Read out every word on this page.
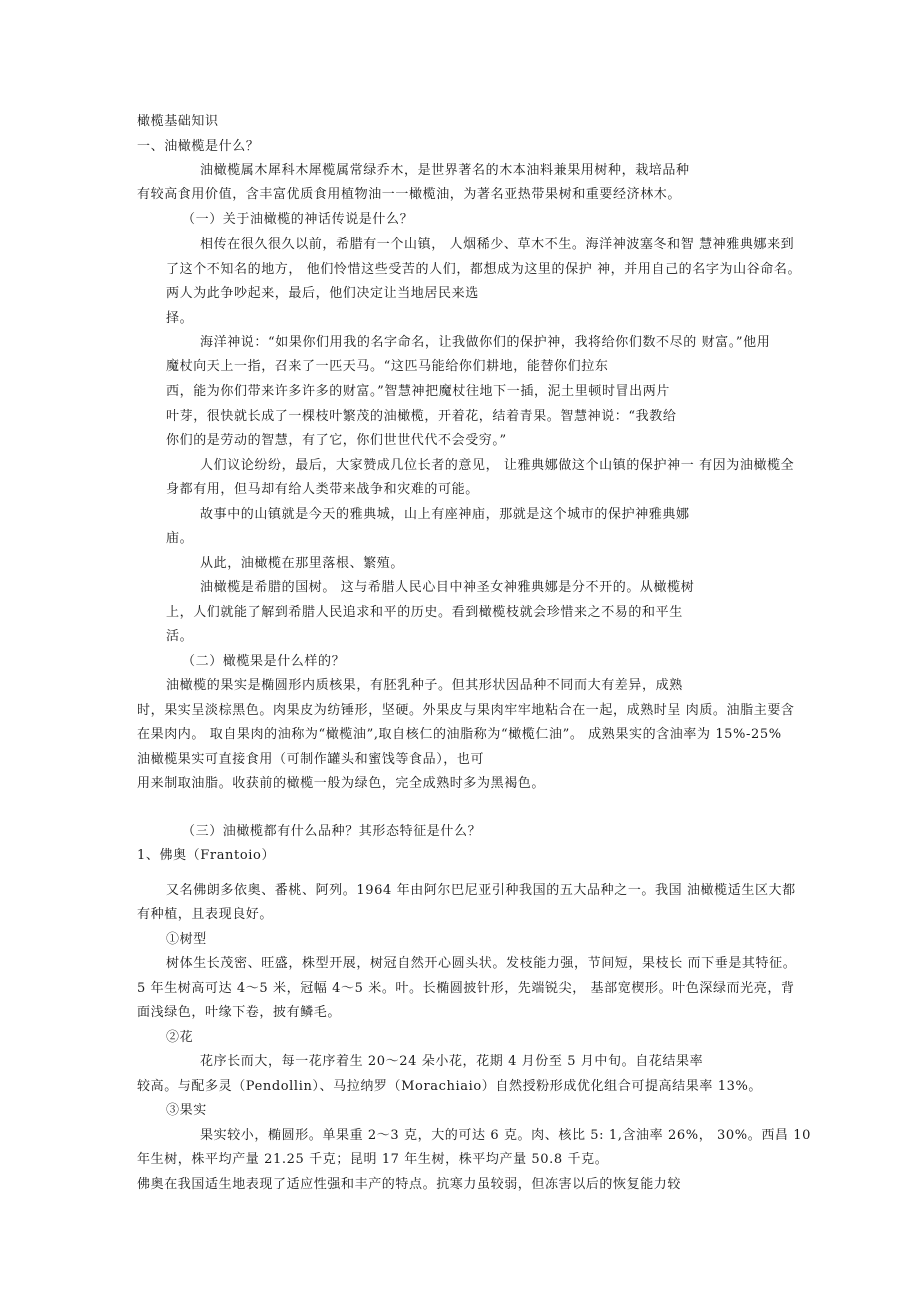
橄榄基础知识
一、油橄榄是什么？
油橄榄属木犀科木犀榄属常绿乔木，是世界著名的木本油料兼果用树种，栽培品种
有较高食用价值，含丰富优质食用植物油一一橄榄油，为著名亚热带果树和重要经济林木。
（一）关于油橄榄的神话传说是什么？
相传在很久很久以前，希腊有一个山镇， 人烟稀少、草木不生。海洋神波塞冬和智 慧神雅典娜来到
了这个不知名的地方， 他们怜惜这些受苦的人们，都想成为这里的保护 神，并用自己的名字为山谷命名。
两人为此争吵起来，最后，他们决定让当地居民来选
择。
海洋神说：“如果你们用我的名字命名，让我做你们的保护神，我将给你们数不尽的 财富。”他用
魔杖向天上一指，召来了一匹天马。“这匹马能给你们耕地，能替你们拉东
西，能为你们带来许多许多的财富。”智慧神把魔杖往地下一插，泥土里顿时冒出两片
叶芽，很快就长成了一棵枝叶繁茂的油橄榄，开着花，结着青果。智慧神说：“我教给
你们的是劳动的智慧，有了它，你们世世代代不会受穷。”
人们议论纷纷，最后，大家赞成几位长者的意见， 让雅典娜做这个山镇的保护神一 有因为油橄榄全
身都有用，但马却有给人类带来战争和灾难的可能。
故事中的山镇就是今天的雅典城，山上有座神庙，那就是这个城市的保护神雅典娜
庙。
从此，油橄榄在那里落根、繁殖。
油橄榄是希腊的国树。 这与希腊人民心目中神圣女神雅典娜是分不开的。从橄榄树
上，人们就能了解到希腊人民追求和平的历史。看到橄榄枝就会珍惜来之不易的和平生
活。
（二）橄榄果是什么样的？
油橄榄的果实是椭圆形内质核果，有胚乳种子。但其形状因品种不同而大有差异，成熟
时，果实呈淡棕黑色。肉果皮为纺锤形，坚硬。外果皮与果肉牢牢地粘合在一起，成熟时呈 肉质。油脂主要含
在果肉内。 取自果肉的油称为“橄榄油”,取自核仁的油脂称为“橄榄仁油”。 成熟果实的含油率为 15%-25%
油橄榄果实可直接食用（可制作罐头和蜜饯等食品），也可
用来制取油脂。收获前的橄榄一般为绿色，完全成熟时多为黑褐色。
（三）油橄榄都有什么品种？其形态特征是什么？
1、佛奥（Frantoio）
又名佛朗多依奥、番桃、阿列。1964 年由阿尔巴尼亚引种我国的五大品种之一。我国 油橄榄适生区大都
有种植，且表现良好。
①树型
树体生长茂密、旺盛，株型开展，树冠自然开心圆头状。发枝能力强，节间短，果枝长 而下垂是其特征。
5 年生树高可达 4～5 米，冠幅 4～5 米。叶。长椭圆披针形，先端锐尖， 基部宽楔形。叶色深绿而光亮，背
面浅绿色，叶缘下卷，披有鳞毛。
②花
花序长而大，每一花序着生 20～24 朵小花，花期 4 月份至 5 月中旬。自花结果率
较高。与配多灵（Pendollin）、马拉纳罗（Morachiaio）自然授粉形成优化组合可提高结果率 13%。
③果实
果实较小，椭圆形。单果重 2～3 克，大的可达 6 克。肉、核比 5: 1,含油率 26%， 30%。西昌 10
年生树，株平均产量 21.25 千克；昆明 17 年生树，株平均产量 50.8 千克。
佛奥在我国适生地表现了适应性强和丰产的特点。抗寒力虽较弱，但冻害以后的恢复能力较
